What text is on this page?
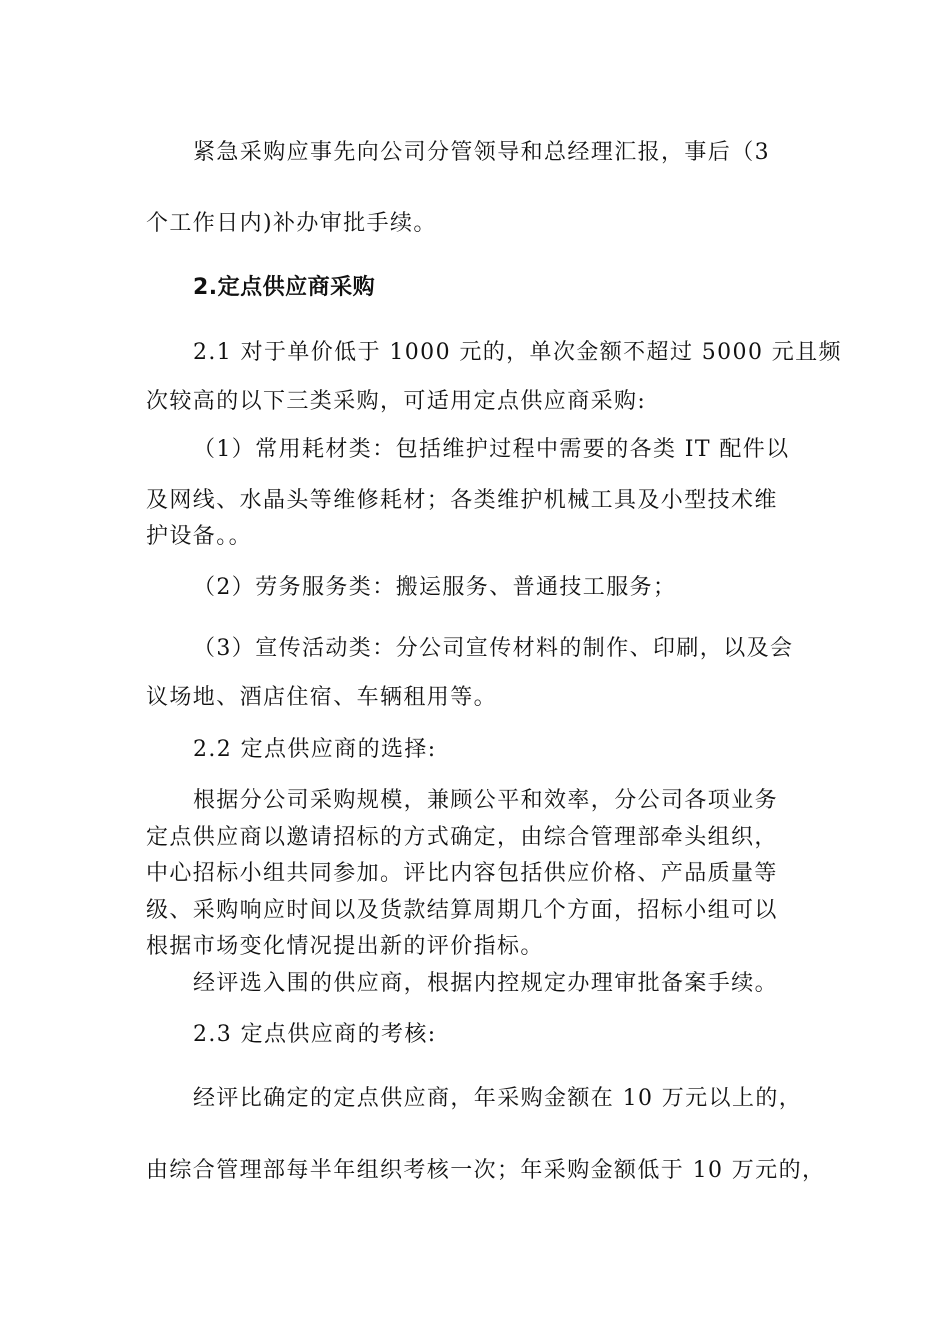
紧急采购应事先向公司分管领导和总经理汇报，事后（3

个工作日内)补办审批手续。

2.定点供应商采购

2.1 对于单价低于 1000 元的，单次金额不超过 5000 元且频

次较高的以下三类采购，可适用定点供应商采购:

（1）常用耗材类：包括维护过程中需要的各类 IT 配件以

及网线、水晶头等维修耗材；各类维护机械工具及小型技术维

护设备。。

（2）劳务服务类：搬运服务、普通技工服务；

（3）宣传活动类：分公司宣传材料的制作、印刷，以及会

议场地、酒店住宿、车辆租用等。

2.2 定点供应商的选择:

根据分公司采购规模，兼顾公平和效率，分公司各项业务

定点供应商以邀请招标的方式确定，由综合管理部牵头组织，

中心招标小组共同参加。评比内容包括供应价格、产品质量等

级、采购响应时间以及货款结算周期几个方面，招标小组可以

根据市场变化情况提出新的评价指标。

经评选入围的供应商，根据内控规定办理审批备案手续。

2.3 定点供应商的考核:

经评比确定的定点供应商，年采购金额在 10 万元以上的，

由综合管理部每半年组织考核一次；年采购金额低于 10 万元的，
